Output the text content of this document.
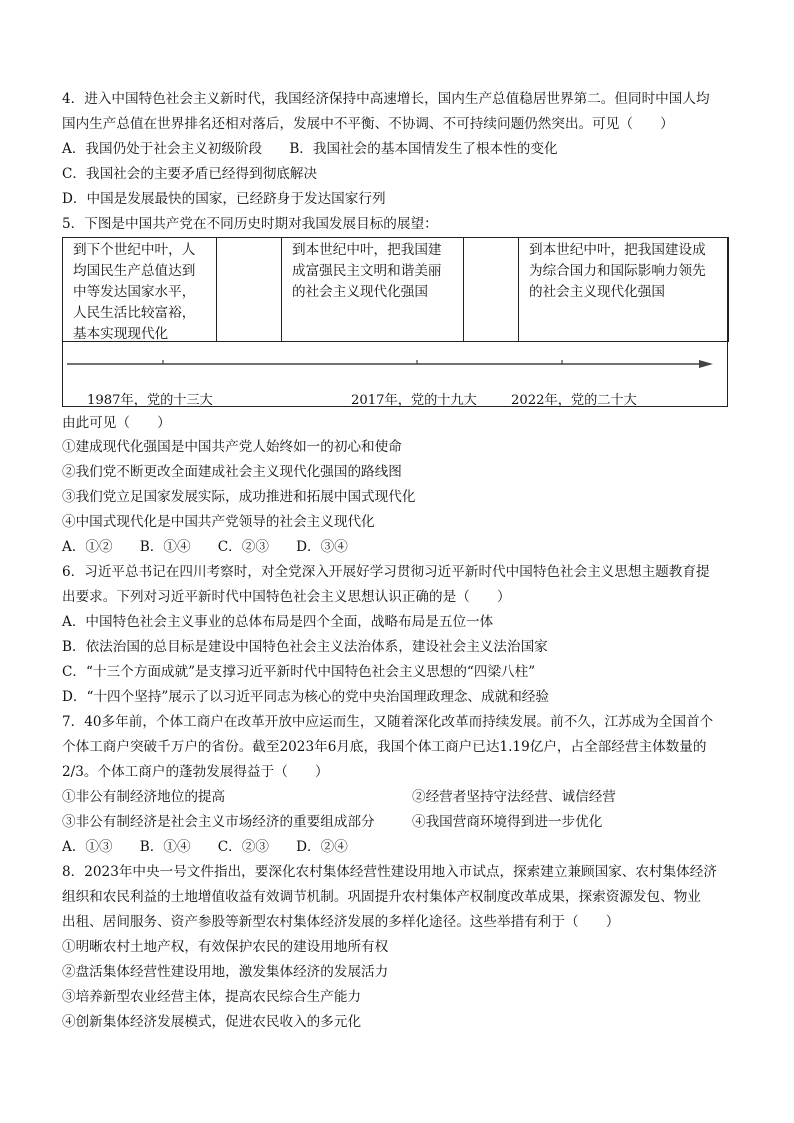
4．进入中国特色社会主义新时代，我国经济保持中高速增长，国内生产总值稳居世界第二。但同时中国人均
国内生产总值在世界排名还相对落后，发展中不平衡、不协调、不可持续问题仍然突出。可见（　　）
A．我国仍处于社会主义初级阶段　　B．我国社会的基本国情发生了根本性的变化
C．我国社会的主要矛盾已经得到彻底解决
D．中国是发展最快的国家，已经跻身于发达国家行列
5．下图是中国共产党在不同历史时期对我国发展目标的展望：
到下个世纪中叶，人
均国民生产总值达到
中等发达国家水平，
人民生活比较富裕，
基本实现现代化
到本世纪中叶，把我国建
成富强民主文明和谐美丽
的社会主义现代化强国
到本世纪中叶，把我国建设成
为综合国力和国际影响力领先
的社会主义现代化强国
1987年，党的十三大	2017年，党的十九大	2022年，党的二十大
由此可见（　　）
①建成现代化强国是中国共产党人始终如一的初心和使命
②我们党不断更改全面建成社会主义现代化强国的路线图
③我们党立足国家发展实际，成功推进和拓展中国式现代化
④中国式现代化是中国共产党领导的社会主义现代化
A．①②　　B．①④　　C．②③　　D．③④
6．习近平总书记在四川考察时，对全党深入开展好学习贯彻习近平新时代中国特色社会主义思想主题教育提
出要求。下列对习近平新时代中国特色社会主义思想认识正确的是（　　）
A．中国特色社会主义事业的总体布局是四个全面，战略布局是五位一体
B．依法治国的总目标是建设中国特色社会主义法治体系，建设社会主义法治国家
C．“十三个方面成就”是支撑习近平新时代中国特色社会主义思想的“四梁八柱”
D．“十四个坚持”展示了以习近平同志为核心的党中央治国理政理念、成就和经验
7．40多年前，个体工商户在改革开放中应运而生，又随着深化改革而持续发展。前不久，江苏成为全国首个
个体工商户突破千万户的省份。截至2023年6月底，我国个体工商户已达1.19亿户，占全部经营主体数量的
2/3。个体工商户的蓬勃发展得益于（　　）
①非公有制经济地位的提高	②经营者坚持守法经营、诚信经营
③非公有制经济是社会主义市场经济的重要组成部分	④我国营商环境得到进一步优化
A．①③　　B．①④　　C．②③　　D．②④
8．2023年中央一号文件指出，要深化农村集体经营性建设用地入市试点，探索建立兼顾国家、农村集体经济
组织和农民利益的土地增值收益有效调节机制。巩固提升农村集体产权制度改革成果，探索资源发包、物业
出租、居间服务、资产参股等新型农村集体经济发展的多样化途径。这些举措有利于（　　）
①明晰农村土地产权，有效保护农民的建设用地所有权
②盘活集体经营性建设用地，激发集体经济的发展活力
③培养新型农业经营主体，提高农民综合生产能力
④创新集体经济发展模式，促进农民收入的多元化
